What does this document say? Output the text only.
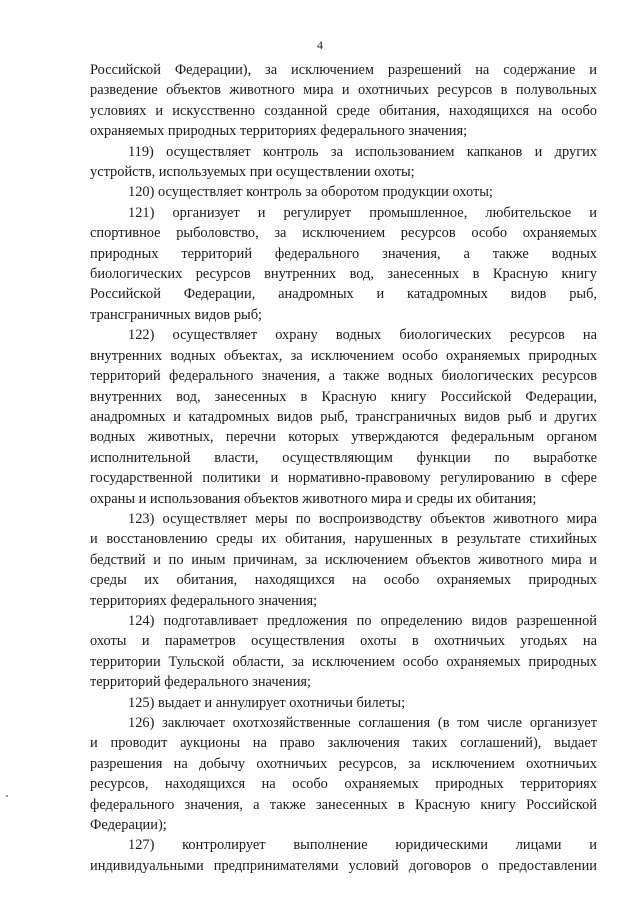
4
Российской Федерации), за исключением разрешений на содержание и
разведение объектов животного мира и охотничьих ресурсов в полувольных
условиях и искусственно созданной среде обитания, находящихся на особо
охраняемых природных территориях федерального значения;
119) осуществляет контроль за использованием капканов и других
устройств, используемых при осуществлении охоты;
120) осуществляет контроль за оборотом продукции охоты;
121) организует и регулирует промышленное, любительское и
спортивное рыболовство, за исключением ресурсов особо охраняемых
природных территорий федерального значения, а также водных
биологических ресурсов внутренних вод, занесенных в Красную книгу
Российской Федерации, анадромных и катадромных видов рыб,
трансграничных видов рыб;
122) осуществляет охрану водных биологических ресурсов на
внутренних водных объектах, за исключением особо охраняемых природных
территорий федерального значения, а также водных биологических ресурсов
внутренних вод, занесенных в Красную книгу Российской Федерации,
анадромных и катадромных видов рыб, трансграничных видов рыб и других
водных животных, перечни которых утверждаются федеральным органом
исполнительной власти, осуществляющим функции по выработке
государственной политики и нормативно-правовому регулированию в сфере
охраны и использования объектов животного мира и среды их обитания;
123) осуществляет меры по воспроизводству объектов животного мира
и восстановлению среды их обитания, нарушенных в результате стихийных
бедствий и по иным причинам, за исключением объектов животного мира и
среды их обитания, находящихся на особо охраняемых природных
территориях федерального значения;
124) подготавливает предложения по определению видов разрешенной
охоты и параметров осуществления охоты в охотничьих угодьях на
территории Тульской области, за исключением особо охраняемых природных
территорий федерального значения;
125) выдает и аннулирует охотничьи билеты;
126) заключает охотхозяйственные соглашения (в том числе организует
и проводит аукционы на право заключения таких соглашений), выдает
разрешения на добычу охотничьих ресурсов, за исключением охотничьих
ресурсов, находящихся на особо охраняемых природных территориях
федерального значения, а также занесенных в Красную книгу Российской
Федерации);
127) контролирует выполнение юридическими лицами и
индивидуальными предпринимателями условий договоров о предоставлении
